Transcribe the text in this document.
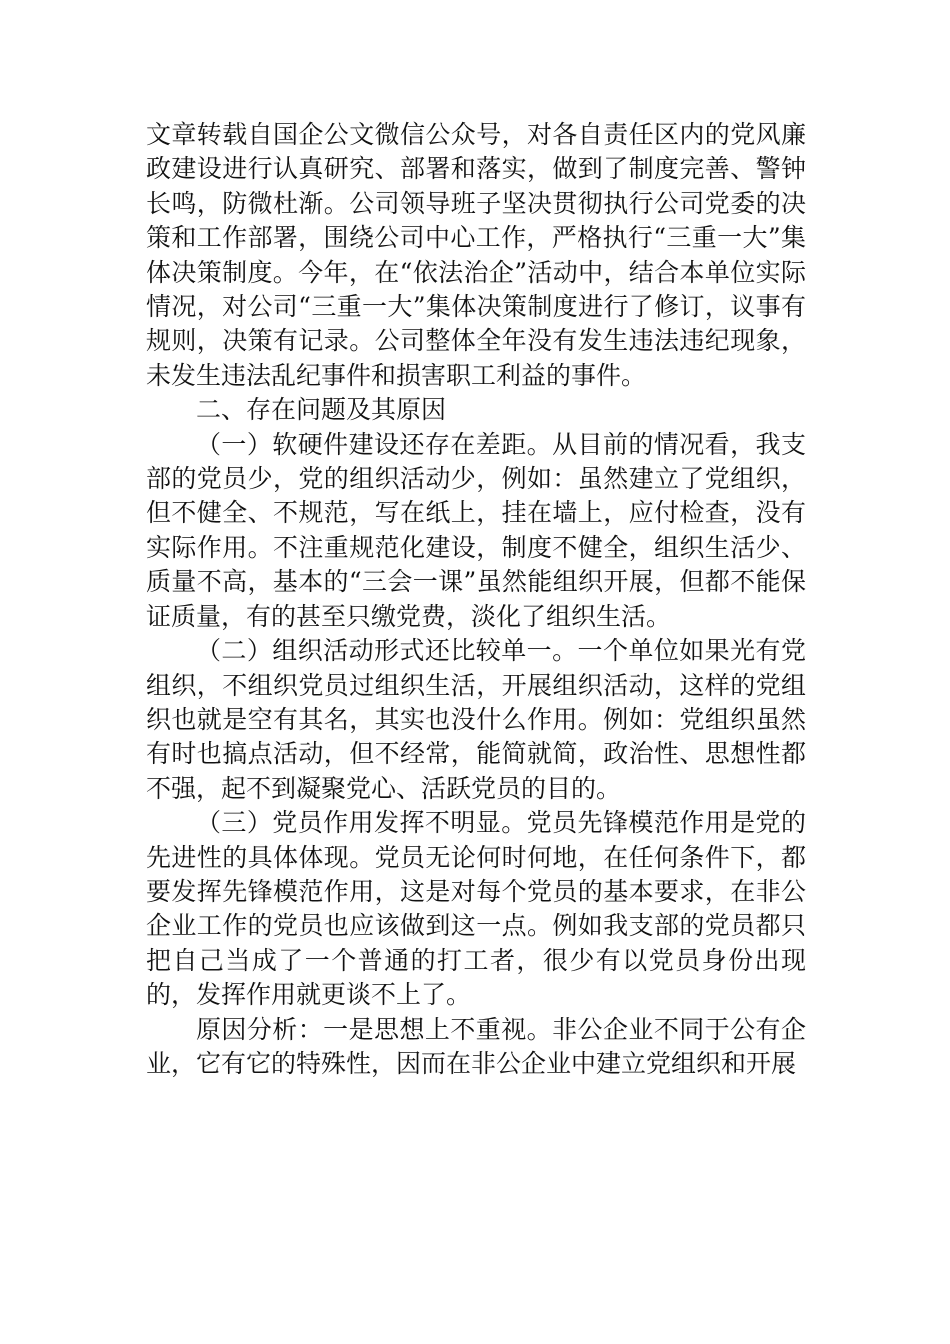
文章转载自国企公文微信公众号，对各自责任区内的党风廉政建设进行认真研究、部署和落实，做到了制度完善、警钟长鸣，防微杜渐。公司领导班子坚决贯彻执行公司党委的决策和工作部署，围绕公司中心工作，严格执行“三重一大”集体决策制度。今年，在“依法治企”活动中，结合本单位实际情况，对公司“三重一大”集体决策制度进行了修订，议事有规则，决策有记录。公司整体全年没有发生违法违纪现象，未发生违法乱纪事件和损害职工利益的事件。

二、存在问题及其原因

（一）软硬件建设还存在差距。从目前的情况看，我支部的党员少，党的组织活动少，例如：虽然建立了党组织，但不健全、不规范，写在纸上，挂在墙上，应付检查，没有实际作用。不注重规范化建设，制度不健全，组织生活少、质量不高，基本的“三会一课”虽然能组织开展，但都不能保证质量，有的甚至只缴党费，淡化了组织生活。

（二）组织活动形式还比较单一。一个单位如果光有党组织，不组织党员过组织生活，开展组织活动，这样的党组织也就是空有其名，其实也没什么作用。例如：党组织虽然有时也搞点活动，但不经常，能简就简，政治性、思想性都不强，起不到凝聚党心、活跃党员的目的。

（三）党员作用发挥不明显。党员先锋模范作用是党的先进性的具体体现。党员无论何时何地，在任何条件下，都要发挥先锋模范作用，这是对每个党员的基本要求，在非公企业工作的党员也应该做到这一点。例如我支部的党员都只把自己当成了一个普通的打工者，很少有以党员身份出现的，发挥作用就更谈不上了。

原因分析：一是思想上不重视。非公企业不同于公有企业，它有它的特殊性，因而在非公企业中建立党组织和开展
